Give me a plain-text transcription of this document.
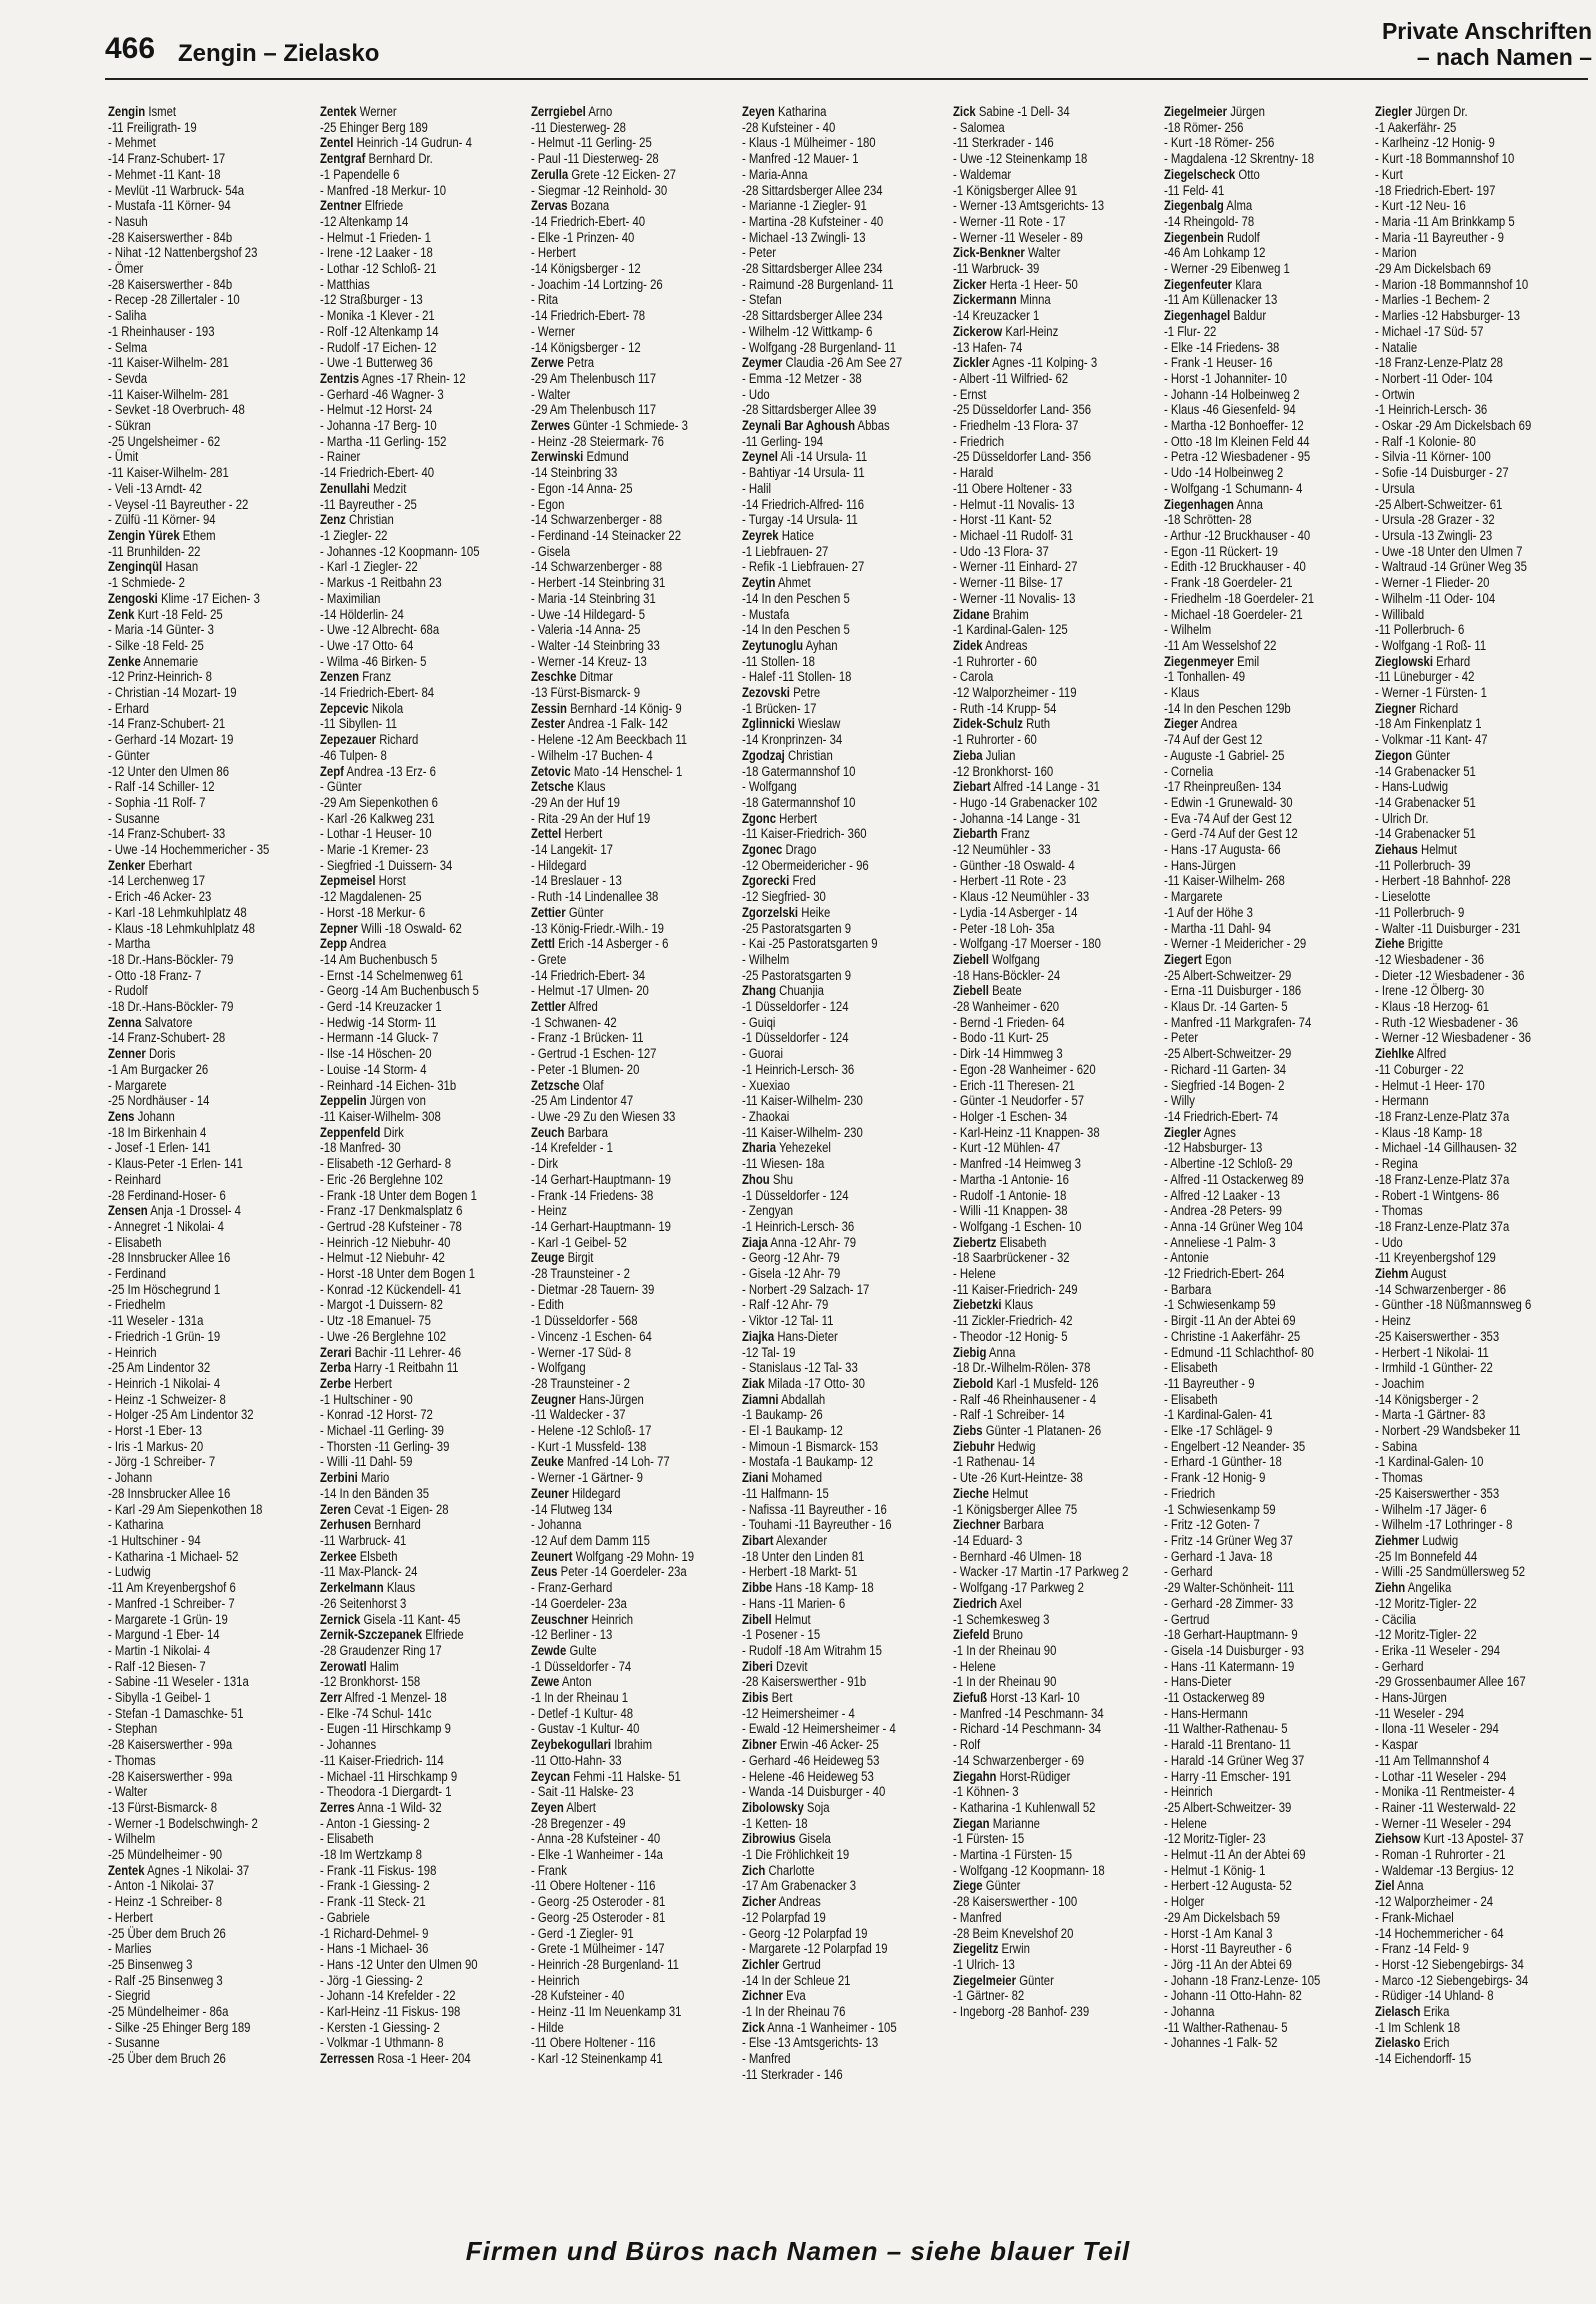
466 Zengin – Zielasko
Private Anschriften
– nach Namen –
Zengin Ismet
-11 Freiligrath- 19
- Mehmet
-14 Franz-Schubert- 17
- Mehmet -11 Kant- 18
- Mevlüt -11 Warbruck- 54a
- Mustafa -11 Körner- 94
- Nasuh
-28 Kaiserswerther - 84b
- Nihat -12 Nattenbergshof 23
- Ömer
-28 Kaiserswerther - 84b
- Recep -28 Zillertaler - 10
- Saliha
-1 Rheinhauser - 193
- Selma
-11 Kaiser-Wilhelm- 281
- Sevda
-11 Kaiser-Wilhelm- 281
- Sevket -18 Overbruch- 48
- Sükran
-25 Ungelsheimer - 62
- Ümit
-11 Kaiser-Wilhelm- 281
- Veli -13 Arndt- 42
- Veysel -11 Bayreuther - 22
- Zülfü -11 Körner- 94
Zengin Yürek Ethem
-11 Brunhilden- 22
Zenginqül Hasan
-1 Schmiede- 2
Zengoski Klime -17 Eichen- 3
Zenk Kurt -18 Feld- 25
- Maria -14 Günter- 3
- Silke -18 Feld- 25
Zenke Annemarie
-12 Prinz-Heinrich- 8
- Christian -14 Mozart- 19
- Erhard
-14 Franz-Schubert- 21
- Gerhard -14 Mozart- 19
- Günter
-12 Unter den Ulmen 86
- Ralf -14 Schiller- 12
- Sophia -11 Rolf- 7
- Susanne
-14 Franz-Schubert- 33
- Uwe -14 Hochemmericher - 35
Zenker Eberhart
-14 Lerchenweg 17
- Erich -46 Acker- 23
- Karl -18 Lehmkuhlplatz 48
- Klaus -18 Lehmkuhlplatz 48
- Martha
-18 Dr.-Hans-Böckler- 79
- Otto -18 Franz- 7
- Rudolf
-18 Dr.-Hans-Böckler- 79
Zenna Salvatore
-14 Franz-Schubert- 28
Zenner Doris
-1 Am Burgacker 26
- Margarete
-25 Nordhäuser - 14
Zens Johann
-18 Im Birkenhain 4
- Josef -1 Erlen- 141
- Klaus-Peter -1 Erlen- 141
- Reinhard
-28 Ferdinand-Hoser- 6
Zensen Anja -1 Drossel- 4
- Annegret -1 Nikolai- 4
- Elisabeth
-28 Innsbrucker Allee 16
- Ferdinand
-25 Im Höschegrund 1
- Friedhelm
-11 Weseler - 131a
- Friedrich -1 Grün- 19
- Heinrich
-25 Am Lindentor 32
- Heinrich -1 Nikolai- 4
- Heinz -1 Schweizer- 8
- Holger -25 Am Lindentor 32
- Horst -1 Eber- 13
- Iris -1 Markus- 20
- Jörg -1 Schreiber- 7
- Johann
-28 Innsbrucker Allee 16
- Karl -29 Am Siepenkothen 18
- Katharina
-1 Hultschiner - 94
- Katharina -1 Michael- 52
- Ludwig
-11 Am Kreyenbergshof 6
- Manfred -1 Schreiber- 7
- Margarete -1 Grün- 19
- Margund -1 Eber- 14
- Martin -1 Nikolai- 4
- Ralf -12 Biesen- 7
- Sabine -11 Weseler - 131a
- Sibylla -1 Geibel- 1
- Stefan -1 Damaschke- 51
- Stephan
-28 Kaiserswerther - 99a
- Thomas
-28 Kaiserswerther - 99a
- Walter
-13 Fürst-Bismarck- 8
- Werner -1 Bodelschwingh- 2
- Wilhelm
-25 Mündelheimer - 90
Zentek Agnes -1 Nikolai- 37
- Anton -1 Nikolai- 37
- Heinz -1 Schreiber- 8
- Herbert
-25 Über dem Bruch 26
- Marlies
-25 Binsenweg 3
- Ralf -25 Binsenweg 3
- Siegrid
-25 Mündelheimer - 86a
- Silke -25 Ehinger Berg 189
- Susanne
-25 Über dem Bruch 26
Zentek Werner
-25 Ehinger Berg 189
Zentel Heinrich -14 Gudrun- 4
Zentgraf Bernhard Dr.
-1 Papendelle 6
- Manfred -18 Merkur- 10
Zentner Elfriede
-12 Altenkamp 14
- Helmut -1 Frieden- 1
- Irene -12 Laaker - 18
- Lothar -12 Schloß- 21
- Matthias
-12 Straßburger - 13
- Monika -1 Klever - 21
- Rolf -12 Altenkamp 14
- Rudolf -17 Eichen- 12
- Uwe -1 Butterweg 36
Zentzis Agnes -17 Rhein- 12
- Gerhard -46 Wagner- 3
- Helmut -12 Horst- 24
- Johanna -17 Berg- 10
- Martha -11 Gerling- 152
- Rainer
-14 Friedrich-Ebert- 40
Zenullahi Medzit
-11 Bayreuther - 25
Zenz Christian
-1 Ziegler- 22
- Johannes -12 Koopmann- 105
- Karl -1 Ziegler- 22
- Markus -1 Reitbahn 23
- Maximilian
-14 Hölderlin- 24
- Uwe -12 Albrecht- 68a
- Uwe -17 Otto- 64
- Wilma -46 Birken- 5
Zenzen Franz
-14 Friedrich-Ebert- 84
Zepcevic Nikola
-11 Sibyllen- 11
Zepezauer Richard
-46 Tulpen- 8
Zepf Andrea -13 Erz- 6
- Günter
-29 Am Siepenkothen 6
- Karl -26 Kalkweg 231
- Lothar -1 Heuser- 10
- Marie -1 Kremer- 23
- Siegfried -1 Duissern- 34
Zepmeisel Horst
-12 Magdalenen- 25
- Horst -18 Merkur- 6
Zepner Willi -18 Oswald- 62
Zepp Andrea
-14 Am Buchenbusch 5
- Ernst -14 Schelmenweg 61
- Georg -14 Am Buchenbusch 5
- Gerd -14 Kreuzacker 1
- Hedwig -14 Storm- 11
- Hermann -14 Gluck- 7
- Ilse -14 Höschen- 20
- Louise -14 Storm- 4
- Reinhard -14 Eichen- 31b
Zeppelin Jürgen von
-11 Kaiser-Wilhelm- 308
Zeppenfeld Dirk
-18 Manfred- 30
- Elisabeth -12 Gerhard- 8
- Eric -26 Berglehne 102
- Frank -18 Unter dem Bogen 1
- Franz -17 Denkmalsplatz 6
- Gertrud -28 Kufsteiner - 78
- Heinrich -12 Niebuhr- 40
- Helmut -12 Niebuhr- 42
- Horst -18 Unter dem Bogen 1
- Konrad -12 Kückendell- 41
- Margot -1 Duissern- 82
- Utz -18 Emanuel- 75
- Uwe -26 Berglehne 102
Zerari Bachir -11 Lehrer- 46
Zerba Harry -1 Reitbahn 11
Zerbe Herbert
-1 Hultschiner - 90
- Konrad -12 Horst- 72
- Michael -11 Gerling- 39
- Thorsten -11 Gerling- 39
- Willi -11 Dahl- 59
Zerbini Mario
-14 In den Bänden 35
Zeren Cevat -1 Eigen- 28
Zerhusen Bernhard
-11 Warbruck- 41
Zerkee Elsbeth
-11 Max-Planck- 24
Zerkelmann Klaus
-26 Seitenhorst 3
Zernick Gisela -11 Kant- 45
Zernik-Szczepanek Elfriede
-28 Graudenzer Ring 17
Zerowatl Halim
-12 Bronkhorst- 158
Zerr Alfred -1 Menzel- 18
- Elke -74 Schul- 141c
- Eugen -11 Hirschkamp 9
- Johannes
-11 Kaiser-Friedrich- 114
- Michael -11 Hirschkamp 9
- Theodora -1 Diergardt- 1
Zerres Anna -1 Wild- 32
- Anton -1 Giessing- 2
- Elisabeth
-18 Im Wertzkamp 8
- Frank -11 Fiskus- 198
- Frank -1 Giessing- 2
- Frank -11 Steck- 21
- Gabriele
-1 Richard-Dehmel- 9
- Hans -1 Michael- 36
- Hans -12 Unter den Ulmen 90
- Jörg -1 Giessing- 2
- Johann -14 Krefelder - 22
- Karl-Heinz -11 Fiskus- 198
- Kersten -1 Giessing- 2
- Volkmar -1 Uthmann- 8
Zerressen Rosa -1 Heer- 204
Zerrgiebel Arno
-11 Diesterweg- 28
- Helmut -11 Gerling- 25
- Paul -11 Diesterweg- 28
Zerulla Grete -12 Eicken- 27
- Siegmar -12 Reinhold- 30
Zervas Bozana
-14 Friedrich-Ebert- 40
- Elke -1 Prinzen- 40
- Herbert
-14 Königsberger - 12
- Joachim -14 Lortzing- 26
- Rita
-14 Friedrich-Ebert- 78
- Werner
-14 Königsberger - 12
Zerwe Petra
-29 Am Thelenbusch 117
- Walter
-29 Am Thelenbusch 117
Zerwes Günter -1 Schmiede- 3
- Heinz -28 Steiermark- 76
Zerwinski Edmund
-14 Steinbring 33
- Egon -14 Anna- 25
- Egon
-14 Schwarzenberger - 88
- Ferdinand -14 Steinacker 22
- Gisela
-14 Schwarzenberger - 88
- Herbert -14 Steinbring 31
- Maria -14 Steinbring 31
- Uwe -14 Hildegard- 5
- Valeria -14 Anna- 25
- Walter -14 Steinbring 33
- Werner -14 Kreuz- 13
Zeschke Ditmar
-13 Fürst-Bismarck- 9
Zessin Bernhard -14 König- 9
Zester Andrea -1 Falk- 142
- Helene -12 Am Beeckbach 11
- Wilhelm -17 Buchen- 4
Zetovic Mato -14 Henschel- 1
Zetsche Klaus
-29 An der Huf 19
- Rita -29 An der Huf 19
Zettel Herbert
-14 Langekit- 17
- Hildegard
-14 Breslauer - 13
- Ruth -14 Lindenallee 38
Zettier Günter
-13 König-Friedr.-Wilh.- 19
Zettl Erich -14 Asberger - 6
- Grete
-14 Friedrich-Ebert- 34
- Helmut -17 Ulmen- 20
Zettler Alfred
-1 Schwanen- 42
- Franz -1 Brücken- 11
- Gertrud -1 Eschen- 127
- Peter -1 Blumen- 20
Zetzsche Olaf
-25 Am Lindentor 47
- Uwe -29 Zu den Wiesen 33
Zeuch Barbara
-14 Krefelder - 1
- Dirk
-14 Gerhart-Hauptmann- 19
- Frank -14 Friedens- 38
- Heinz
-14 Gerhart-Hauptmann- 19
- Karl -1 Geibel- 52
Zeuge Birgit
-28 Traunsteiner - 2
- Dietmar -28 Tauern- 39
- Edith
-1 Düsseldorfer - 568
- Vincenz -1 Eschen- 64
- Werner -17 Süd- 8
- Wolfgang
-28 Traunsteiner - 2
Zeugner Hans-Jürgen
-11 Waldecker - 37
- Helene -12 Schloß- 17
- Kurt -1 Mussfeld- 138
Zeuke Manfred -14 Loh- 77
- Werner -1 Gärtner- 9
Zeuner Hildegard
-14 Flutweg 134
- Johanna
-12 Auf dem Damm 115
Zeunert Wolfgang -29 Mohn- 19
Zeus Peter -14 Goerdeler- 23a
- Franz-Gerhard
-14 Goerdeler- 23a
Zeuschner Heinrich
-12 Berliner - 13
Zewde Gulte
-1 Düsseldorfer - 74
Zewe Anton
-1 In der Rheinau 1
- Detlef -1 Kultur- 48
- Gustav -1 Kultur- 40
Zeybekogullari Ibrahim
-11 Otto-Hahn- 33
Zeycan Fehmi -11 Halske- 51
- Sait -11 Halske- 23
Zeyen Albert
-28 Bregenzer - 49
- Anna -28 Kufsteiner - 40
- Elke -1 Wanheimer - 14a
- Frank
-11 Obere Holtener - 116
- Georg -25 Osteroder - 81
- Georg -25 Osteroder - 81
- Gerd -1 Ziegler- 91
- Grete -1 Mülheimer - 147
- Heinrich -28 Burgenland- 11
- Heinrich
-28 Kufsteiner - 40
- Heinz -11 Im Neuenkamp 31
- Hilde
-11 Obere Holtener - 116
- Karl -12 Steinenkamp 41
Zeyen Katharina
-28 Kufsteiner - 40
- Klaus -1 Mülheimer - 180
- Manfred -12 Mauer- 1
- Maria-Anna
-28 Sittardsberger Allee 234
- Marianne -1 Ziegler- 91
- Martina -28 Kufsteiner - 40
- Michael -13 Zwingli- 13
- Peter
-28 Sittardsberger Allee 234
- Raimund -28 Burgenland- 11
- Stefan
-28 Sittardsberger Allee 234
- Wilhelm -12 Wittkamp- 6
- Wolfgang -28 Burgenland- 11
Zeymer Claudia -26 Am See 27
- Emma -12 Metzer - 38
- Udo
-28 Sittardsberger Allee 39
Zeynali Bar Aghoush Abbas
-11 Gerling- 194
Zeynel Ali -14 Ursula- 11
- Bahtiyar -14 Ursula- 11
- Halil
-14 Friedrich-Alfred- 116
- Turgay -14 Ursula- 11
Zeyrek Hatice
-1 Liebfrauen- 27
- Refik -1 Liebfrauen- 27
Zeytin Ahmet
-14 In den Peschen 5
- Mustafa
-14 In den Peschen 5
Zeytunoglu Ayhan
-11 Stollen- 18
- Halef -11 Stollen- 18
Zezovski Petre
-1 Brücken- 17
Zglinnicki Wieslaw
-14 Kronprinzen- 34
Zgodzaj Christian
-18 Gatermannshof 10
- Wolfgang
-18 Gatermannshof 10
Zgonc Herbert
-11 Kaiser-Friedrich- 360
Zgonec Drago
-12 Obermeidericher - 96
Zgorecki Fred
-12 Siegfried- 30
Zgorzelski Heike
-25 Pastoratsgarten 9
- Kai -25 Pastoratsgarten 9
- Wilhelm
-25 Pastoratsgarten 9
Zhang Chuanjia
-1 Düsseldorfer - 124
- Guiqi
-1 Düsseldorfer - 124
- Guorai
-1 Heinrich-Lersch- 36
- Xuexiao
-11 Kaiser-Wilhelm- 230
- Zhaokai
-11 Kaiser-Wilhelm- 230
Zharia Yehezekel
-11 Wiesen- 18a
Zhou Shu
-1 Düsseldorfer - 124
- Zengyan
-1 Heinrich-Lersch- 36
Ziaja Anna -12 Ahr- 79
- Georg -12 Ahr- 79
- Gisela -12 Ahr- 79
- Norbert -29 Salzach- 17
- Ralf -12 Ahr- 79
- Viktor -12 Tal- 11
Ziajka Hans-Dieter
-12 Tal- 19
- Stanislaus -12 Tal- 33
Ziak Milada -17 Otto- 30
Ziamni Abdallah
-1 Baukamp- 26
- El -1 Baukamp- 12
- Mimoun -1 Bismarck- 153
- Mostafa -1 Baukamp- 12
Ziani Mohamed
-11 Halfmann- 15
- Nafissa -11 Bayreuther - 16
- Touhami -11 Bayreuther - 16
Zibart Alexander
-18 Unter den Linden 81
- Herbert -18 Markt- 51
Zibbe Hans -18 Kamp- 18
- Hans -11 Marien- 6
Zibell Helmut
-1 Posener - 15
- Rudolf -18 Am Witrahm 15
Ziberi Dzevit
-28 Kaiserswerther - 91b
Zibis Bert
-12 Heimersheimer - 4
- Ewald -12 Heimersheimer - 4
Zibner Erwin -46 Acker- 25
- Gerhard -46 Heideweg 53
- Helene -46 Heideweg 53
- Wanda -14 Duisburger - 40
Zibolowsky Soja
-1 Ketten- 18
Zibrowius Gisela
-1 Die Fröhlichkeit 19
Zich Charlotte
-17 Am Grabenacker 3
Zicher Andreas
-12 Polarpfad 19
- Georg -12 Polarpfad 19
- Margarete -12 Polarpfad 19
Zichler Gertrud
-14 In der Schleue 21
Zichner Eva
-1 In der Rheinau 76
Zick Anna -1 Wanheimer - 105
- Else -13 Amtsgerichts- 13
- Manfred
-11 Sterkrader - 146
Zick Sabine -1 Dell- 34
- Salomea
-11 Sterkrader - 146
- Uwe -12 Steinenkamp 18
- Waldemar
-1 Königsberger Allee 91
- Werner -13 Amtsgerichts- 13
- Werner -11 Rote - 17
- Werner -11 Weseler - 89
Zick-Benkner Walter
-11 Warbruck- 39
Zicker Herta -1 Heer- 50
Zickermann Minna
-14 Kreuzacker 1
Zickerow Karl-Heinz
-13 Hafen- 74
Zickler Agnes -11 Kolping- 3
- Albert -11 Wilfried- 62
- Ernst
-25 Düsseldorfer Land- 356
- Friedhelm -13 Flora- 37
- Friedrich
-25 Düsseldorfer Land- 356
- Harald
-11 Obere Holtener - 33
- Helmut -11 Novalis- 13
- Horst -11 Kant- 52
- Michael -11 Rudolf- 31
- Udo -13 Flora- 37
- Werner -11 Einhard- 27
- Werner -11 Bilse- 17
- Werner -11 Novalis- 13
Zidane Brahim
-1 Kardinal-Galen- 125
Zidek Andreas
-1 Ruhrorter - 60
- Carola
-12 Walporzheimer - 119
- Ruth -14 Krupp- 54
Zidek-Schulz Ruth
-1 Ruhrorter - 60
Zieba Julian
-12 Bronkhorst- 160
Ziebart Alfred -14 Lange - 31
- Hugo -14 Grabenacker 102
- Johanna -14 Lange - 31
Ziebarth Franz
-12 Neumühler - 33
- Günther -18 Oswald- 4
- Herbert -11 Rote - 23
- Klaus -12 Neumühler - 33
- Lydia -14 Asberger - 14
- Peter -18 Loh- 35a
- Wolfgang -17 Moerser - 180
Ziebell Wolfgang
-18 Hans-Böckler- 24
Ziebell Beate
-28 Wanheimer - 620
- Bernd -1 Frieden- 64
- Bodo -11 Kurt- 25
- Dirk -14 Himmweg 3
- Egon -28 Wanheimer - 620
- Erich -11 Theresen- 21
- Günter -1 Neudorfer - 57
- Holger -1 Eschen- 34
- Karl-Heinz -11 Knappen- 38
- Kurt -12 Mühlen- 47
- Manfred -14 Heimweg 3
- Martha -1 Antonie- 16
- Rudolf -1 Antonie- 18
- Willi -11 Knappen- 38
- Wolfgang -1 Eschen- 10
Ziebertz Elisabeth
-18 Saarbrückener - 32
- Helene
-11 Kaiser-Friedrich- 249
Ziebetzki Klaus
-11 Zickler-Friedrich- 42
- Theodor -12 Honig- 5
Ziebig Anna
-18 Dr.-Wilhelm-Rölen- 378
Ziebold Karl -1 Musfeld- 126
- Ralf -46 Rheinhausener - 4
- Ralf -1 Schreiber- 14
Ziebs Günter -1 Platanen- 26
Ziebuhr Hedwig
-1 Rathenau- 14
- Ute -26 Kurt-Heintze- 38
Zieche Helmut
-1 Königsberger Allee 75
Ziechner Barbara
-14 Eduard- 3
- Bernhard -46 Ulmen- 18
- Wacker -17 Martin -17 Parkweg 2
- Wolfgang -17 Parkweg 2
Ziedrich Axel
-1 Schemkesweg 3
Ziefeld Bruno
-1 In der Rheinau 90
- Helene
-1 In der Rheinau 90
Ziefuß Horst -13 Karl- 10
- Manfred -14 Peschmann- 34
- Richard -14 Peschmann- 34
- Rolf
-14 Schwarzenberger - 69
Ziegahn Horst-Rüdiger
-1 Köhnen- 3
- Katharina -1 Kuhlenwall 52
Ziegan Marianne
-1 Fürsten- 15
- Martina -1 Fürsten- 15
- Wolfgang -12 Koopmann- 18
Ziege Günter
-28 Kaiserswerther - 100
- Manfred
-28 Beim Knevelshof 20
Ziegelitz Erwin
-1 Ulrich- 13
Ziegelmeier Günter
-1 Gärtner- 82
- Ingeborg -28 Banhof- 239
Ziegelmeier Jürgen
-18 Römer- 256
- Kurt -18 Römer- 256
- Magdalena -12 Skrentny- 18
Ziegelscheck Otto
-11 Feld- 41
Ziegenbalg Alma
-14 Rheingold- 78
Ziegenbein Rudolf
-46 Am Lohkamp 12
- Werner -29 Eibenweg 1
Ziegenfeuter Klara
-11 Am Küllenacker 13
Ziegenhagel Baldur
-1 Flur- 22
- Elke -14 Friedens- 38
- Frank -1 Heuser- 16
- Horst -1 Johanniter- 10
- Johann -14 Holbeinweg 2
- Klaus -46 Giesenfeld- 94
- Martha -12 Bonhoeffer- 12
- Otto -18 Im Kleinen Feld 44
- Petra -12 Wiesbadener - 95
- Udo -14 Holbeinweg 2
- Wolfgang -1 Schumann- 4
Ziegenhagen Anna
-18 Schrötten- 28
- Arthur -12 Bruckhauser - 40
- Egon -11 Rückert- 19
- Edith -12 Bruckhauser - 40
- Frank -18 Goerdeler- 21
- Friedhelm -18 Goerdeler- 21
- Michael -18 Goerdeler- 21
- Wilhelm
-11 Am Wesselshof 22
Ziegenmeyer Emil
-1 Tonhallen- 49
- Klaus
-14 In den Peschen 129b
Zieger Andrea
-74 Auf der Gest 12
- Auguste -1 Gabriel- 25
- Cornelia
-17 Rheinpreußen- 134
- Edwin -1 Grunewald- 30
- Eva -74 Auf der Gest 12
- Gerd -74 Auf der Gest 12
- Hans -17 Augusta- 66
- Hans-Jürgen
-11 Kaiser-Wilhelm- 268
- Margarete
-1 Auf der Höhe 3
- Martha -11 Dahl- 94
- Werner -1 Meidericher - 29
Ziegert Egon
-25 Albert-Schweitzer- 29
- Erna -11 Duisburger - 186
- Klaus Dr. -14 Garten- 5
- Manfred -11 Markgrafen- 74
- Peter
-25 Albert-Schweitzer- 29
- Richard -11 Garten- 34
- Siegfried -14 Bogen- 2
- Willy
-14 Friedrich-Ebert- 74
Ziegler Agnes
-12 Habsburger- 13
- Albertine -12 Schloß- 29
- Alfred -11 Ostackerweg 89
- Alfred -12 Laaker - 13
- Andrea -28 Peters- 99
- Anna -14 Grüner Weg 104
- Anneliese -1 Palm- 3
- Antonie
-12 Friedrich-Ebert- 264
- Barbara
-1 Schwiesenkamp 59
- Birgit -11 An der Abtei 69
- Christine -1 Aakerfähr- 25
- Edmund -11 Schlachthof- 80
- Elisabeth
-11 Bayreuther - 9
- Elisabeth
-1 Kardinal-Galen- 41
- Elke -17 Schlägel- 9
- Engelbert -12 Neander- 35
- Erhard -1 Günther- 18
- Frank -12 Honig- 9
- Friedrich
-1 Schwiesenkamp 59
- Fritz -12 Goten- 7
- Fritz -14 Grüner Weg 37
- Gerhard -1 Java- 18
- Gerhard
-29 Walter-Schönheit- 111
- Gerhard -28 Zimmer- 33
- Gertrud
-18 Gerhart-Hauptmann- 9
- Gisela -14 Duisburger - 93
- Hans -11 Katermann- 19
- Hans-Dieter
-11 Ostackerweg 89
- Hans-Hermann
-11 Walther-Rathenau- 5
- Harald -11 Brentano- 11
- Harald -14 Grüner Weg 37
- Harry -11 Emscher- 191
- Heinrich
-25 Albert-Schweitzer- 39
- Helene
-12 Moritz-Tigler- 23
- Helmut -11 An der Abtei 69
- Helmut -1 König- 1
- Herbert -12 Augusta- 52
- Holger
-29 Am Dickelsbach 59
- Horst -1 Am Kanal 3
- Horst -11 Bayreuther - 6
- Jörg -11 An der Abtei 69
- Johann -18 Franz-Lenze- 105
- Johann -11 Otto-Hahn- 82
- Johanna
-11 Walther-Rathenau- 5
- Johannes -1 Falk- 52
Ziegler Jürgen Dr.
-1 Aakerfähr- 25
- Karlheinz -12 Honig- 9
- Kurt -18 Bommannshof 10
- Kurt
-18 Friedrich-Ebert- 197
- Kurt -12 Neu- 16
- Maria -11 Am Brinkkamp 5
- Maria -11 Bayreuther - 9
- Marion
-29 Am Dickelsbach 69
- Marion -18 Bommannshof 10
- Marlies -1 Bechem- 2
- Marlies -12 Habsburger- 13
- Michael -17 Süd- 57
- Natalie
-18 Franz-Lenze-Platz 28
- Norbert -11 Oder- 104
- Ortwin
-1 Heinrich-Lersch- 36
- Oskar -29 Am Dickelsbach 69
- Ralf -1 Kolonie- 80
- Silvia -11 Körner- 100
- Sofie -14 Duisburger - 27
- Ursula
-25 Albert-Schweitzer- 61
- Ursula -28 Grazer - 32
- Ursula -13 Zwingli- 23
- Uwe -18 Unter den Ulmen 7
- Waltraud -14 Grüner Weg 35
- Werner -1 Flieder- 20
- Wilhelm -11 Oder- 104
- Willibald
-11 Pollerbruch- 6
- Wolfgang -1 Roß- 11
Zieglowski Erhard
-11 Lüneburger - 42
- Werner -1 Fürsten- 1
Ziegner Richard
-18 Am Finkenplatz 1
- Volkmar -11 Kant- 47
Ziegon Günter
-14 Grabenacker 51
- Hans-Ludwig
-14 Grabenacker 51
- Ulrich Dr.
-14 Grabenacker 51
Ziehaus Helmut
-11 Pollerbruch- 39
- Herbert -18 Bahnhof- 228
- Lieselotte
-11 Pollerbruch- 9
- Walter -11 Duisburger - 231
Ziehe Brigitte
-12 Wiesbadener - 36
- Dieter -12 Wiesbadener - 36
- Irene -12 Ölberg- 30
- Klaus -18 Herzog- 61
- Ruth -12 Wiesbadener - 36
- Werner -12 Wiesbadener - 36
Ziehlke Alfred
-11 Coburger - 22
- Helmut -1 Heer- 170
- Hermann
-18 Franz-Lenze-Platz 37a
- Klaus -18 Kamp- 18
- Michael -14 Gillhausen- 32
- Regina
-18 Franz-Lenze-Platz 37a
- Robert -1 Wintgens- 86
- Thomas
-18 Franz-Lenze-Platz 37a
- Udo
-11 Kreyenbergshof 129
Ziehm August
-14 Schwarzenberger - 86
- Günther -18 Nüßmannsweg 6
- Heinz
-25 Kaiserswerther - 353
- Herbert -1 Nikolai- 11
- Irmhild -1 Günther- 22
- Joachim
-14 Königsberger - 2
- Marta -1 Gärtner- 83
- Norbert -29 Wandsbeker 11
- Sabina
-1 Kardinal-Galen- 10
- Thomas
-25 Kaiserswerther - 353
- Wilhelm -17 Jäger- 6
- Wilhelm -17 Lothringer - 8
Ziehmer Ludwig
-25 Im Bonnefeld 44
- Willi -25 Sandmüllersweg 52
Ziehn Angelika
-12 Moritz-Tigler- 22
- Cäcilia
-12 Moritz-Tigler- 22
- Erika -11 Weseler - 294
- Gerhard
-29 Grossenbaumer Allee 167
- Hans-Jürgen
-11 Weseler - 294
- Ilona -11 Weseler - 294
- Kaspar
-11 Am Tellmannshof 4
- Lothar -11 Weseler - 294
- Monika -11 Rentmeister- 4
- Rainer -11 Westerwald- 22
- Werner -11 Weseler - 294
Ziehsow Kurt -13 Apostel- 37
- Roman -1 Ruhrorter - 21
- Waldemar -13 Bergius- 12
Ziel Anna
-12 Walporzheimer - 24
- Frank-Michael
-14 Hochemmericher - 64
- Franz -14 Feld- 9
- Horst -12 Siebengebirgs- 34
- Marco -12 Siebengebirgs- 34
- Rüdiger -14 Uhland- 8
Zielasch Erika
-1 Im Schlenk 18
Zielasko Erich
-14 Eichendorff- 15
Firmen und Büros nach Namen – siehe blauer Teil
